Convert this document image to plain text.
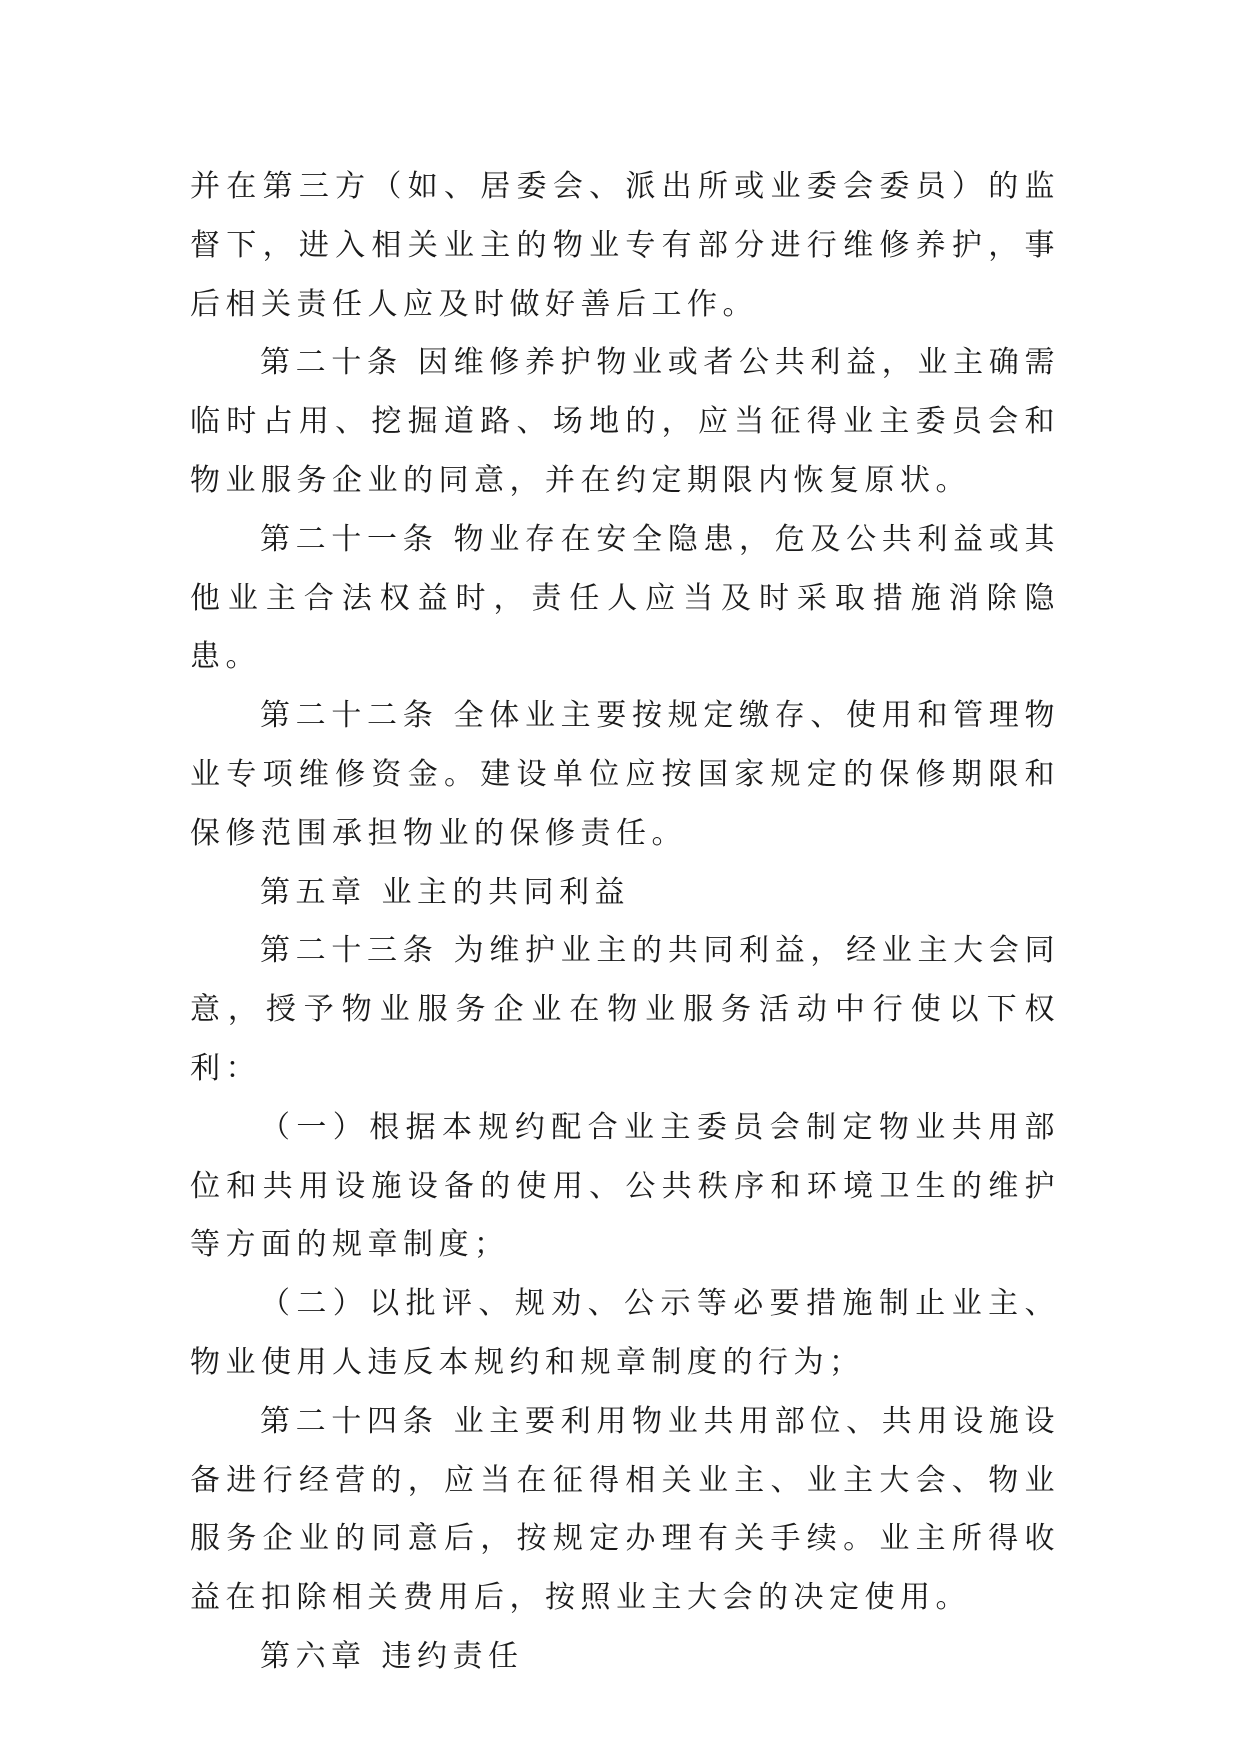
并在第三方（如、居委会、派出所或业委会委员）的监督下，进入相关业主的物业专有部分进行维修养护，事后相关责任人应及时做好善后工作。

第二十条 因维修养护物业或者公共利益，业主确需临时占用、挖掘道路、场地的，应当征得业主委员会和物业服务企业的同意，并在约定期限内恢复原状。

第二十一条 物业存在安全隐患，危及公共利益或其他业主合法权益时，责任人应当及时采取措施消除隐患。

第二十二条 全体业主要按规定缴存、使用和管理物业专项维修资金。建设单位应按国家规定的保修期限和保修范围承担物业的保修责任。

第五章 业主的共同利益

第二十三条 为维护业主的共同利益，经业主大会同意，授予物业服务企业在物业服务活动中行使以下权利：

（一）根据本规约配合业主委员会制定物业共用部位和共用设施设备的使用、公共秩序和环境卫生的维护等方面的规章制度；

（二）以批评、规劝、公示等必要措施制止业主、物业使用人违反本规约和规章制度的行为；

第二十四条 业主要利用物业共用部位、共用设施设备进行经营的，应当在征得相关业主、业主大会、物业服务企业的同意后，按规定办理有关手续。业主所得收益在扣除相关费用后，按照业主大会的决定使用。

第六章 违约责任
